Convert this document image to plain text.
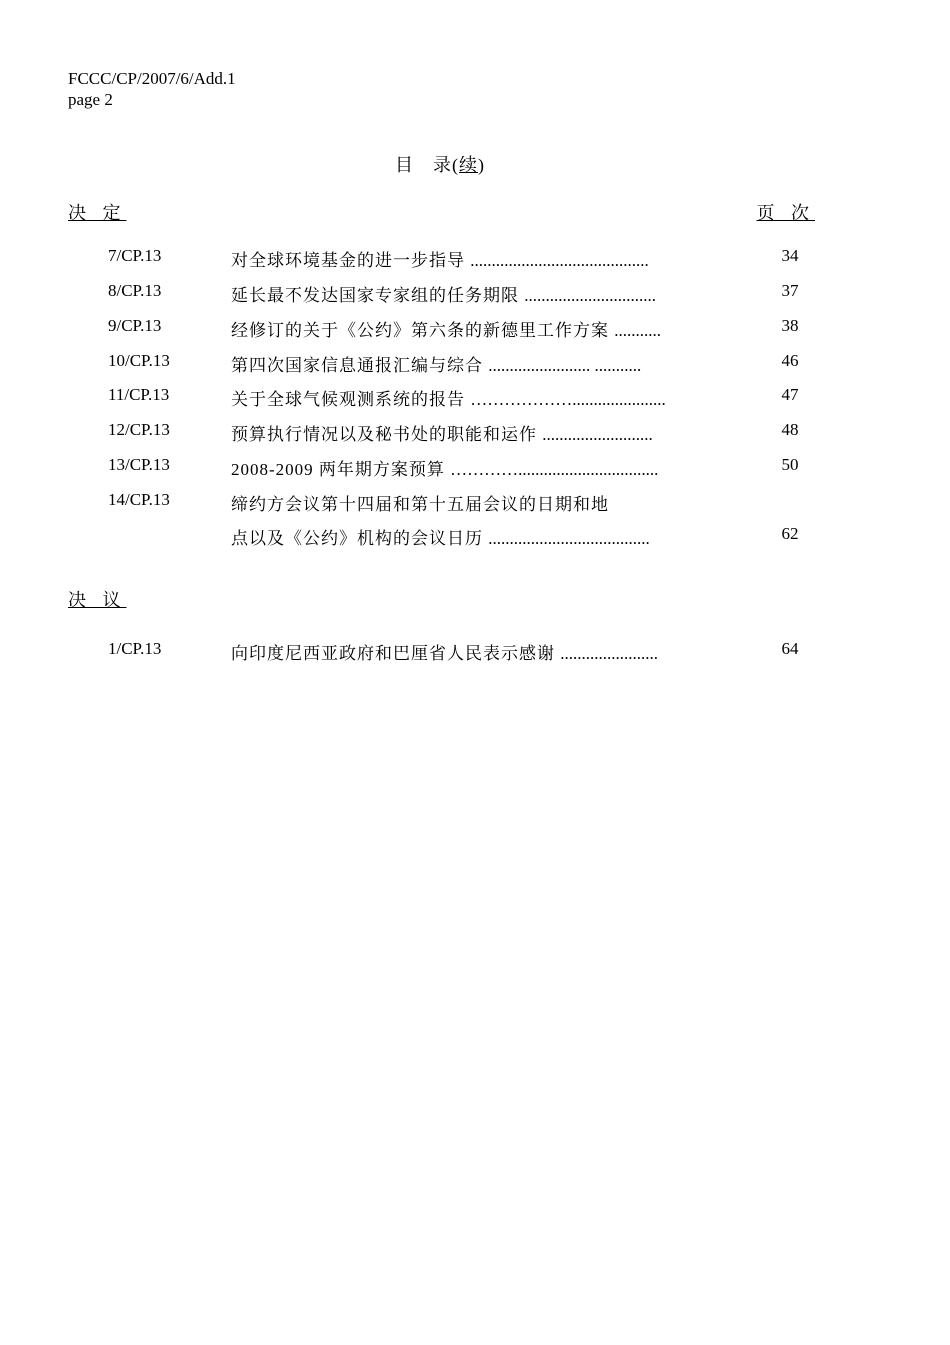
FCCC/CP/2007/6/Add.1
page 2
目　录(续)
决 定	页 次
7/CP.13	对全球环境基金的进一步指导 ..........................................	34
8/CP.13	延长最不发达国家专家组的任务期限 ...............................	37
9/CP.13	经修订的关于《公约》第六条的新德里工作方案 ...........	38
10/CP.13	第四次国家信息通报汇编与综合 ........................ ...........	46
11/CP.13	关于全球气候观测系统的报告 ………………......................	47
12/CP.13	预算执行情况以及秘书处的职能和运作 ..........................	48
13/CP.13	2008-2009 两年期方案预算 ………….................................	50
14/CP.13	缔约方会议第十四届和第十五届会议的日期和地
点以及《公约》机构的会议日历 ......................................	62
决 议
1/CP.13	向印度尼西亚政府和巴厘省人民表示感谢 .......................	64
